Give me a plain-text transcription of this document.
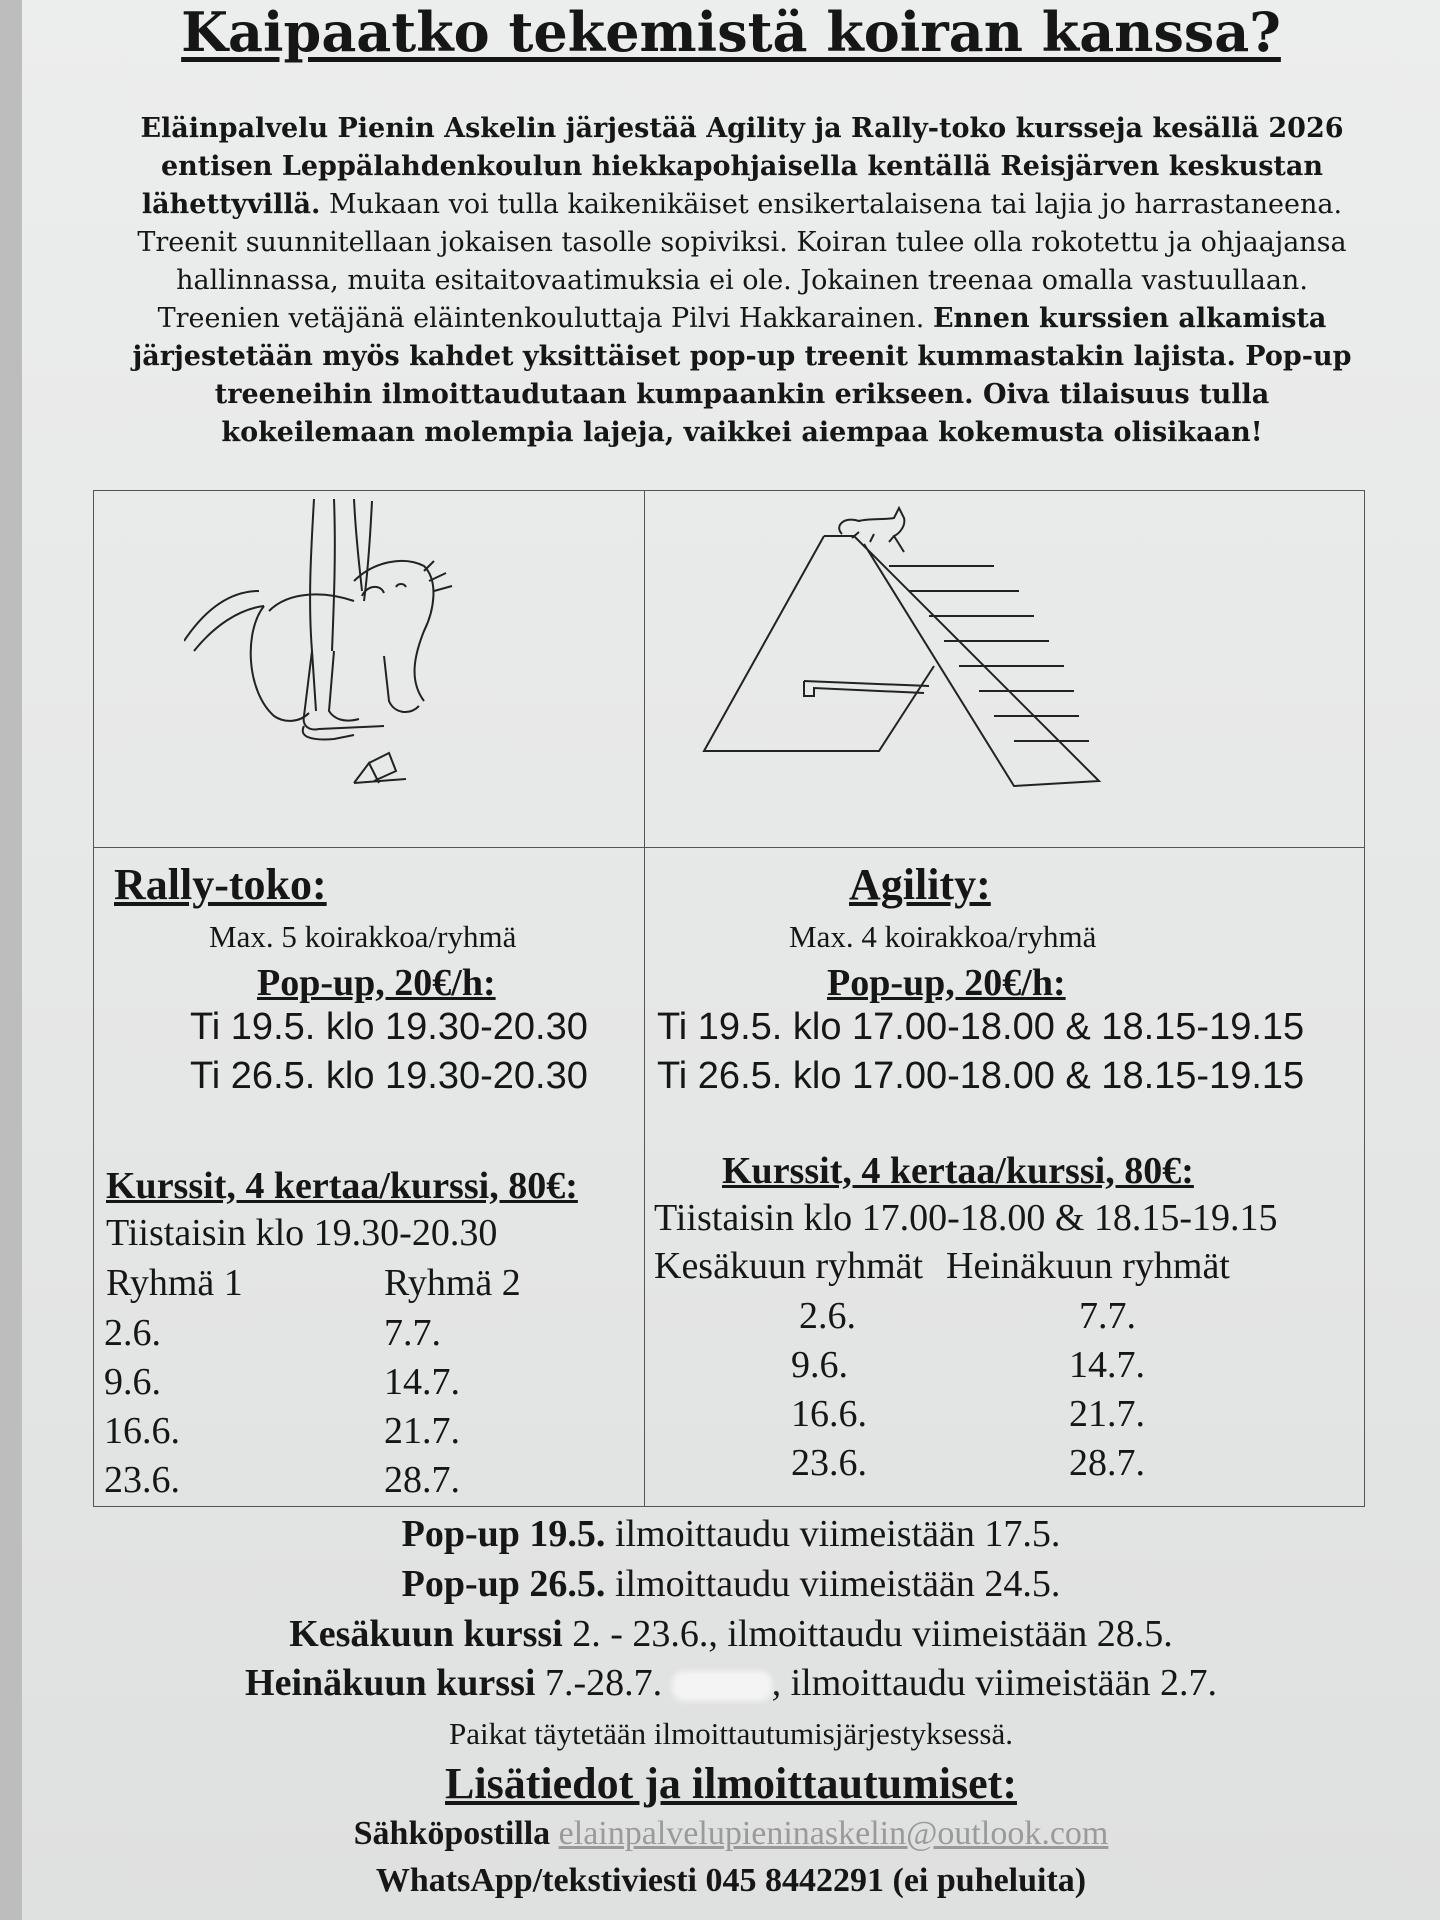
Kaipaatko tekemistä koiran kanssa?
Eläinpalvelu Pienin Askelin järjestää Agility ja Rally-toko kursseja kesällä 2026 entisen Leppälahdenkoulun hiekkapohjaisella kentällä Reisjärven keskustan lähettyvillä. Mukaan voi tulla kaikenikäiset ensikertalaisena tai lajia jo harrastaneena. Treenit suunnitellaan jokaisen tasolle sopiviksi. Koiran tulee olla rokotettu ja ohjaajansa hallinnassa, muita esitaitovaatimuksia ei ole. Jokainen treenaa omalla vastuullaan. Treenien vetäjänä eläintenkouluttaja Pilvi Hakkarainen. Ennen kurssien alkamista järjestetään myös kahdet yksittäiset pop-up treenit kummastakin lajista. Pop-up treeneihin ilmoittaudutaan kumpaankin erikseen. Oiva tilaisuus tulla kokeilemaan molempia lajeja, vaikkei aiempaa kokemusta olisikaan!
Rally-toko:
Max. 5 koirakkoa/ryhmä
Pop-up, 20€/h:
Ti 19.5. klo 19.30-20.30
Ti 26.5. klo 19.30-20.30
Kurssit, 4 kertaa/kurssi, 80€:
Tiistaisin klo 19.30-20.30
Ryhmä 1	Ryhmä 2
2.6.
9.6.
16.6.
23.6.
7.7.
14.7.
21.7.
28.7.
Agility:
Max. 4 koirakkoa/ryhmä
Pop-up, 20€/h:
Ti 19.5. klo 17.00-18.00 & 18.15-19.15
Ti 26.5. klo 17.00-18.00 & 18.15-19.15
Kurssit, 4 kertaa/kurssi, 80€:
Tiistaisin klo 17.00-18.00 & 18.15-19.15
Kesäkuun ryhmät Heinäkuun ryhmät
2.6.
9.6.
16.6.
23.6.
7.7.
14.7.
21.7.
28.7.
Pop-up 19.5. ilmoittaudu viimeistään 17.5.
Pop-up 26.5. ilmoittaudu viimeistään 24.5.
Kesäkuun kurssi 2. - 23.6., ilmoittaudu viimeistään 28.5.
Heinäkuun kurssi 7.-28.7.	, ilmoittaudu viimeistään 2.7.
Paikat täytetään ilmoittautumisjärjestyksessä.
Lisätiedot ja ilmoittautumiset:
Sähköpostilla elainpalvelupieninaskelin@outlook.com
WhatsApp/tekstiviesti 045 8442291 (ei puheluita)
